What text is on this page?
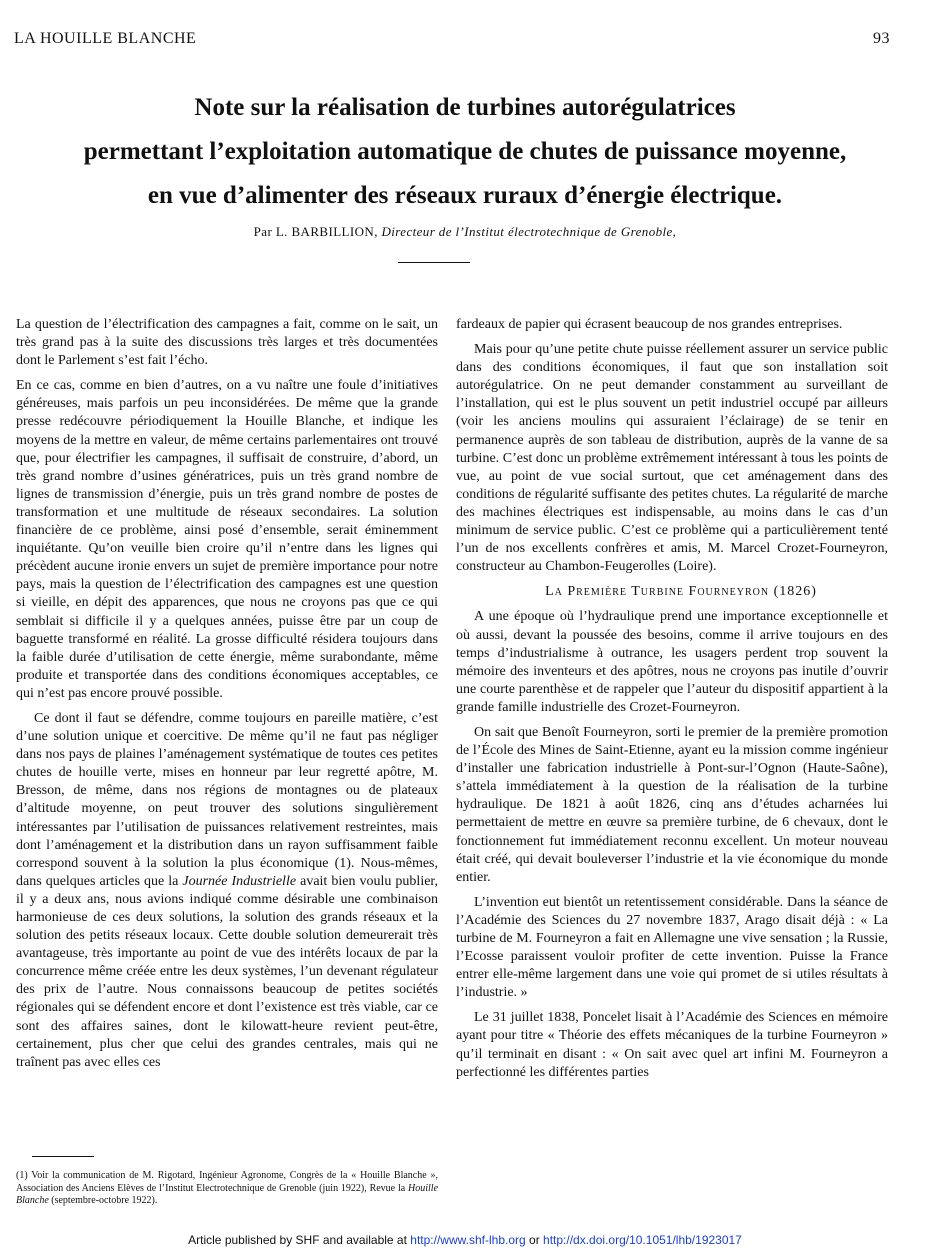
LA HOUILLE BLANCHE	93

Note sur la réalisation de turbines autorégulatrices

permettant l’exploitation automatique de chutes de puissance moyenne,

en vue d’alimenter des réseaux ruraux d’énergie électrique.

Par L. BARBILLION, Directeur de l’Institut électrotechnique de Grenoble,

La question de l’électrification des campagnes a fait, comme on le sait, un très grand pas à la suite des discussions très larges et très documentées dont le Parlement s’est fait l’écho.

En ce cas, comme en bien d’autres, on a vu naître une foule d’initiatives généreuses, mais parfois un peu inconsidérées. De même que la grande presse redécouvre périodiquement la Houille Blanche, et indique les moyens de la mettre en valeur, de même certains parlementaires ont trouvé que, pour électrifier les campagnes, il suffisait de construire, d’abord, un très grand nombre d’usines génératrices, puis un très grand nombre de lignes de transmission d’énergie, puis un très grand nombre de postes de transformation et une multitude de réseaux secondaires. La solution financière de ce problème, ainsi posé d’ensemble, serait éminemment inquiétante. Qu’on veuille bien croire qu’il n’entre dans les lignes qui précèdent aucune ironie envers un sujet de première importance pour notre pays, mais la question de l’électrification des campagnes est une question si vieille, en dépit des apparences, que nous ne croyons pas que ce qui semblait si difficile il y a quelques années, puisse être par un coup de baguette transformé en réalité. La grosse difficulté résidera toujours dans la faible durée d’utilisation de cette énergie, même surabondante, même produite et transportée dans des conditions économiques acceptables, ce qui n’est pas encore prouvé possible.

Ce dont il faut se défendre, comme toujours en pareille matière, c’est d’une solution unique et coercitive. De même qu’il ne faut pas négliger dans nos pays de plaines l’aménagement systématique de toutes ces petites chutes de houille verte, mises en honneur par leur regretté apôtre, M. Bresson, de même, dans nos régions de montagnes ou de plateaux d’altitude moyenne, on peut trouver des solutions singulièrement intéressantes par l’utilisation de puissances relativement restreintes, mais dont l’aménagement et la distribution dans un rayon suffisamment faible correspond souvent à la solution la plus économique (1). Nous-mêmes, dans quelques articles que la Journée Industrielle avait bien voulu publier, il y a deux ans, nous avions indiqué comme désirable une combinaison harmonieuse de ces deux solutions, la solution des grands réseaux et la solution des petits réseaux locaux. Cette double solution demeurerait très avantageuse, très importante au point de vue des intérêts locaux de par la concurrence même créée entre les deux systèmes, l’un devenant régulateur des prix de l’autre. Nous connaissons beaucoup de petites sociétés régionales qui se défendent encore et dont l’existence est très viable, car ce sont des affaires saines, dont le kilowatt-heure revient peut-être, certainement, plus cher que celui des grandes centrales, mais qui ne traînent pas avec elles ces

(1) Voir la communication de M. Rigotard, Ingénieur Agronome, Congrès de la « Houille Blanche », Association des Anciens Elèves de l’Institut Electrotechnique de Grenoble (juin 1922), Revue la Houille Blanche (septembre-octobre 1922).

fardeaux de papier qui écrasent beaucoup de nos grandes entreprises.

Mais pour qu’une petite chute puisse réellement assurer un service public dans des conditions économiques, il faut que son installation soit autorégulatrice. On ne peut demander constamment au surveillant de l’installation, qui est le plus souvent un petit industriel occupé par ailleurs (voir les anciens moulins qui assuraient l’éclairage) de se tenir en permanence auprès de son tableau de distribution, auprès de la vanne de sa turbine. C’est donc un problème extrêmement intéressant à tous les points de vue, au point de vue social surtout, que cet aménagement dans des conditions de régularité suffisante des petites chutes. La régularité de marche des machines électriques est indispensable, au moins dans le cas d’un minimum de service public. C’est ce problème qui a particulièrement tenté l’un de nos excellents confrères et amis, M. Marcel Crozet-Fourneyron, constructeur au Chambon-Feugerolles (Loire).

La Première Turbine Fourneyron (1826)

A une époque où l’hydraulique prend une importance exceptionnelle et où aussi, devant la poussée des besoins, comme il arrive toujours en des temps d’industrialisme à outrance, les usagers perdent trop souvent la mémoire des inventeurs et des apôtres, nous ne croyons pas inutile d’ouvrir une courte parenthèse et de rappeler que l’auteur du dispositif appartient à la grande famille industrielle des Crozet-Fourneyron.

On sait que Benoît Fourneyron, sorti le premier de la première promotion de l’École des Mines de Saint-Etienne, ayant eu la mission comme ingénieur d’installer une fabrication industrielle à Pont-sur-l’Ognon (Haute-Saône), s’attela immédiatement à la question de la réalisation de la turbine hydraulique. De 1821 à août 1826, cinq ans d’études acharnées lui permettaient de mettre en œuvre sa première turbine, de 6 chevaux, dont le fonctionnement fut immédiatement reconnu excellent. Un moteur nouveau était créé, qui devait bouleverser l’industrie et la vie économique du monde entier.

L’invention eut bientôt un retentissement considérable. Dans la séance de l’Académie des Sciences du 27 novembre 1837, Arago disait déjà : « La turbine de M. Fourneyron a fait en Allemagne une vive sensation ; la Russie, l’Ecosse paraissent vouloir profiter de cette invention. Puisse la France entrer elle-même largement dans une voie qui promet de si utiles résultats à l’industrie. »

Le 31 juillet 1838, Poncelet lisait à l’Académie des Sciences en mémoire ayant pour titre « Théorie des effets mécaniques de la turbine Fourneyron » qu’il terminait en disant : « On sait avec quel art infini M. Fourneyron a perfectionné les différentes parties

Article published by SHF and available at http://www.shf-lhb.org or http://dx.doi.org/10.1051/lhb/1923017
